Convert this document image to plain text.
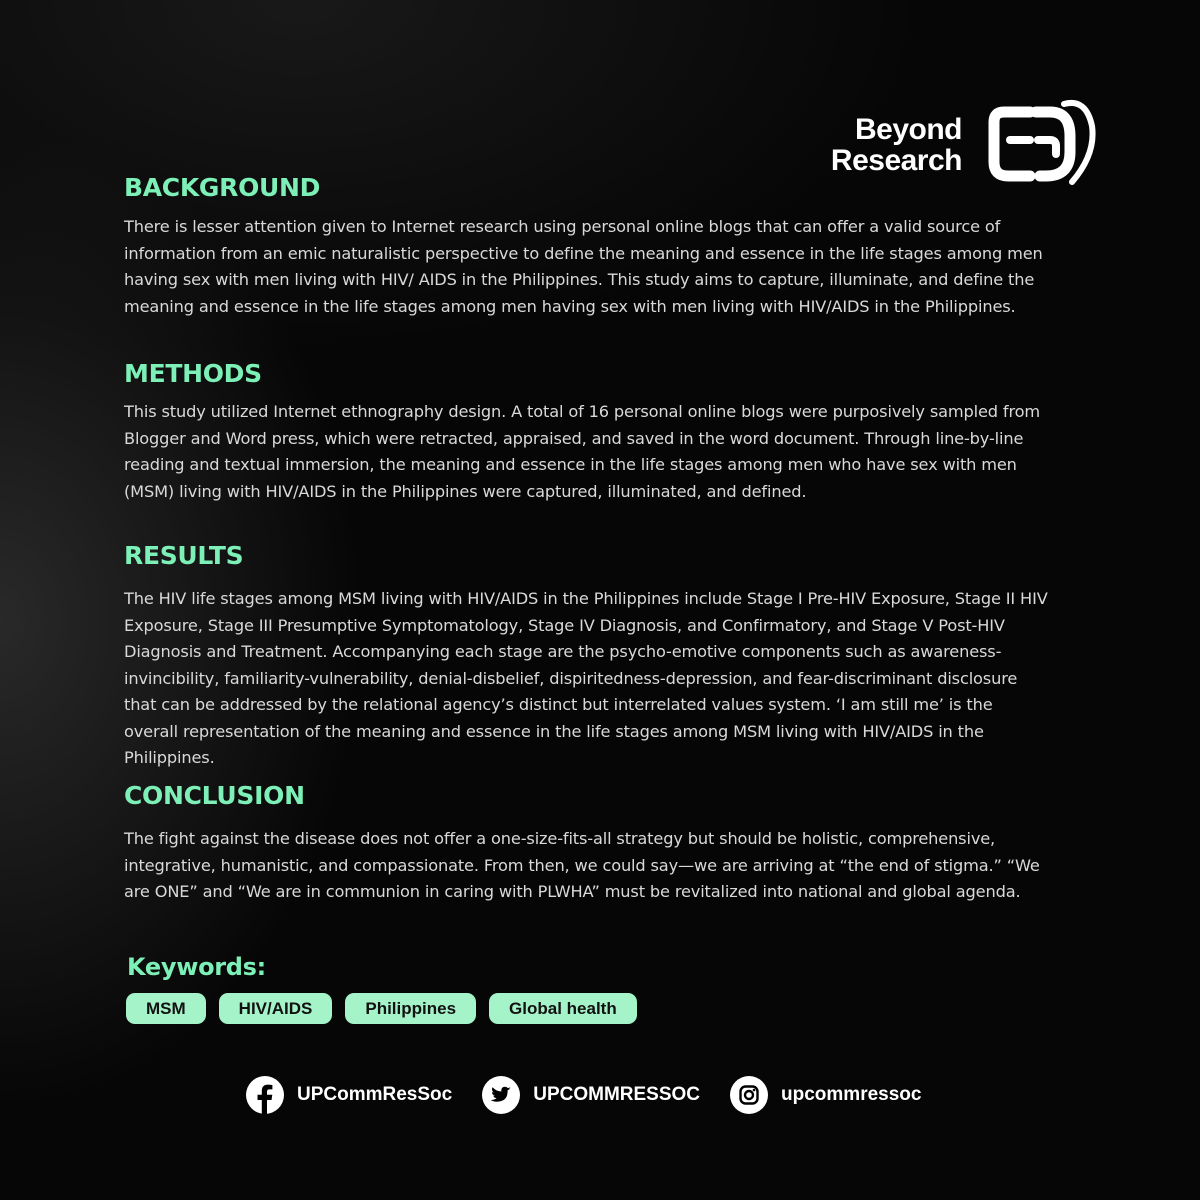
Beyond
Research
BACKGROUND

There is lesser attention given to Internet research using personal online blogs that can offer a valid source of information from an emic naturalistic perspective to define the meaning and essence in the life stages among men having sex with men living with HIV/ AIDS in the Philippines. This study aims to capture, illuminate, and define the meaning and essence in the life stages among men having sex with men living with HIV/AIDS in the Philippines.

METHODS

This study utilized Internet ethnography design. A total of 16 personal online blogs were purposively sampled from Blogger and Word press, which were retracted, appraised, and saved in the word document. Through line-by-line reading and textual immersion, the meaning and essence in the life stages among men who have sex with men (MSM) living with HIV/AIDS in the Philippines were captured, illuminated, and defined.

RESULTS

The HIV life stages among MSM living with HIV/AIDS in the Philippines include Stage I Pre-HIV Exposure, Stage II HIV Exposure, Stage III Presumptive Symptomatology, Stage IV Diagnosis, and Confirmatory, and Stage V Post-HIV Diagnosis and Treatment. Accompanying each stage are the psycho-emotive components such as awareness-invincibility, familiarity-vulnerability, denial-disbelief, dispiritedness-depression, and fear-discriminant disclosure that can be addressed by the relational agency’s distinct but interrelated values system. ‘I am still me’ is the overall representation of the meaning and essence in the life stages among MSM living with HIV/AIDS in the Philippines.

CONCLUSION

The fight against the disease does not offer a one-size-fits-all strategy but should be holistic, comprehensive, integrative, humanistic, and compassionate. From then, we could say—we are arriving at “the end of stigma.” “We are ONE” and “We are in communion in caring with PLWHA” must be revitalized into national and global agenda.

Keywords:
MSM	HIV/AIDS	Philippines	Global health
UPCommResSoc	UPCOMMRESSOC	upcommressoc
